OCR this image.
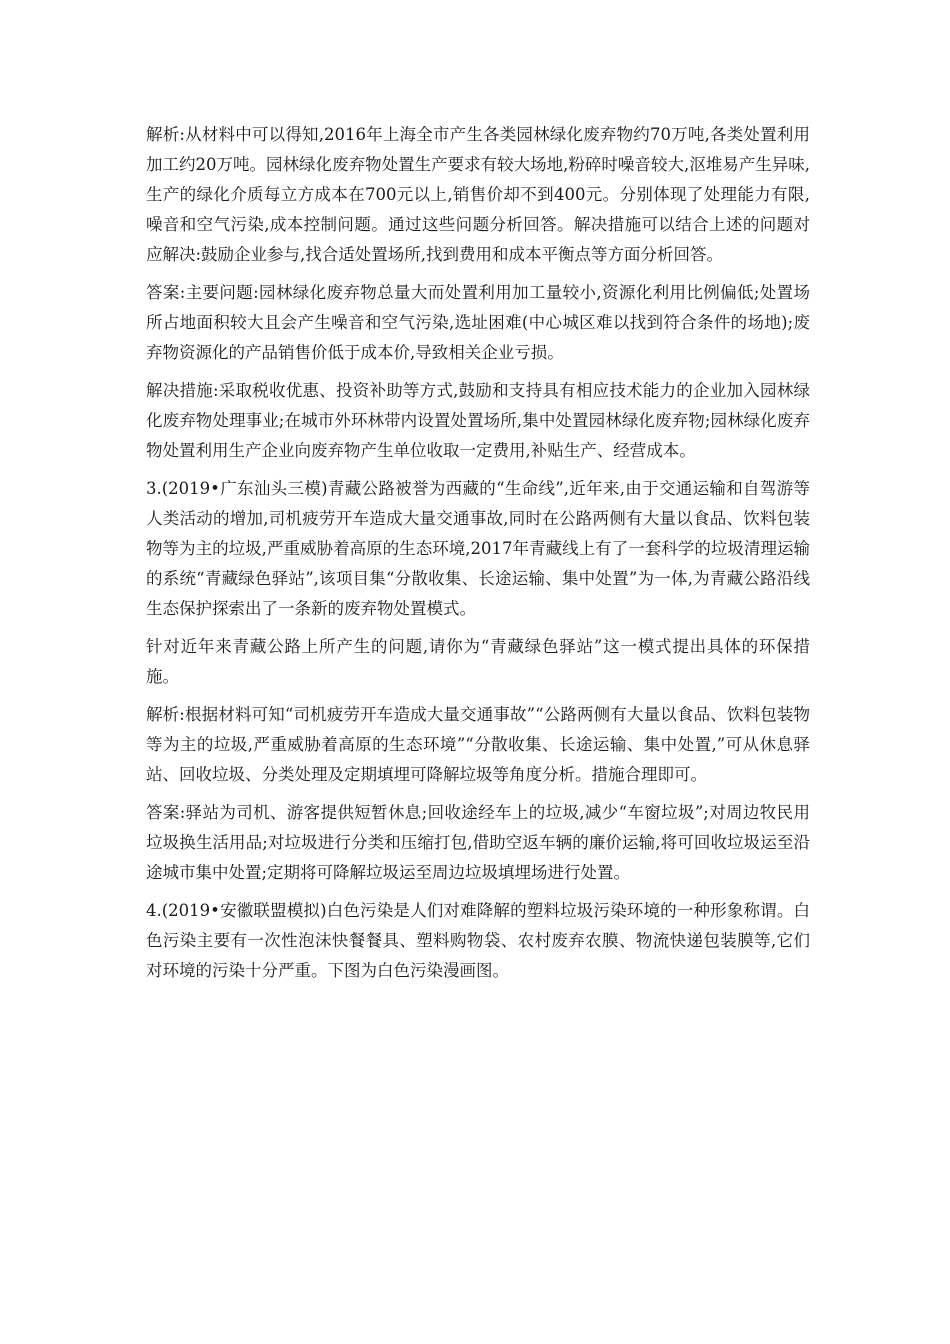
解析:从材料中可以得知,2016年上海全市产生各类园林绿化废弃物约70万吨,各类处置利用加工约20万吨。园林绿化废弃物处置生产要求有较大场地,粉碎时噪音较大,沤堆易产生异味,生产的绿化介质每立方成本在700元以上,销售价却不到400元。分别体现了处理能力有限,噪音和空气污染,成本控制问题。通过这些问题分析回答。解决措施可以结合上述的问题对应解决:鼓励企业参与,找合适处置场所,找到费用和成本平衡点等方面分析回答。

答案:主要问题:园林绿化废弃物总量大而处置利用加工量较小,资源化利用比例偏低;处置场所占地面积较大且会产生噪音和空气污染,选址困难(中心城区难以找到符合条件的场地);废弃物资源化的产品销售价低于成本价,导致相关企业亏损。

解决措施:采取税收优惠、投资补助等方式,鼓励和支持具有相应技术能力的企业加入园林绿化废弃物处理事业;在城市外环林带内设置处置场所,集中处置园林绿化废弃物;园林绿化废弃物处置利用生产企业向废弃物产生单位收取一定费用,补贴生产、经营成本。

3.(2019•广东汕头三模)青藏公路被誉为西藏的“生命线”,近年来,由于交通运输和自驾游等人类活动的增加,司机疲劳开车造成大量交通事故,同时在公路两侧有大量以食品、饮料包装物等为主的垃圾,严重威胁着高原的生态环境,2017年青藏线上有了一套科学的垃圾清理运输的系统“青藏绿色驿站”,该项目集“分散收集、长途运输、集中处置”为一体,为青藏公路沿线生态保护探索出了一条新的废弃物处置模式。

针对近年来青藏公路上所产生的问题,请你为“青藏绿色驿站”这一模式提出具体的环保措施。

解析:根据材料可知“司机疲劳开车造成大量交通事故”“公路两侧有大量以食品、饮料包装物等为主的垃圾,严重威胁着高原的生态环境”“分散收集、长途运输、集中处置,”可从休息驿站、回收垃圾、分类处理及定期填埋可降解垃圾等角度分析。措施合理即可。

答案:驿站为司机、游客提供短暂休息;回收途经车上的垃圾,减少“车窗垃圾”;对周边牧民用垃圾换生活用品;对垃圾进行分类和压缩打包,借助空返车辆的廉价运输,将可回收垃圾运至沿途城市集中处置;定期将可降解垃圾运至周边垃圾填埋场进行处置。

4.(2019•安徽联盟模拟)白色污染是人们对难降解的塑料垃圾污染环境的一种形象称谓。白色污染主要有一次性泡沫快餐餐具、塑料购物袋、农村废弃农膜、物流快递包装膜等,它们对环境的污染十分严重。下图为白色污染漫画图。
